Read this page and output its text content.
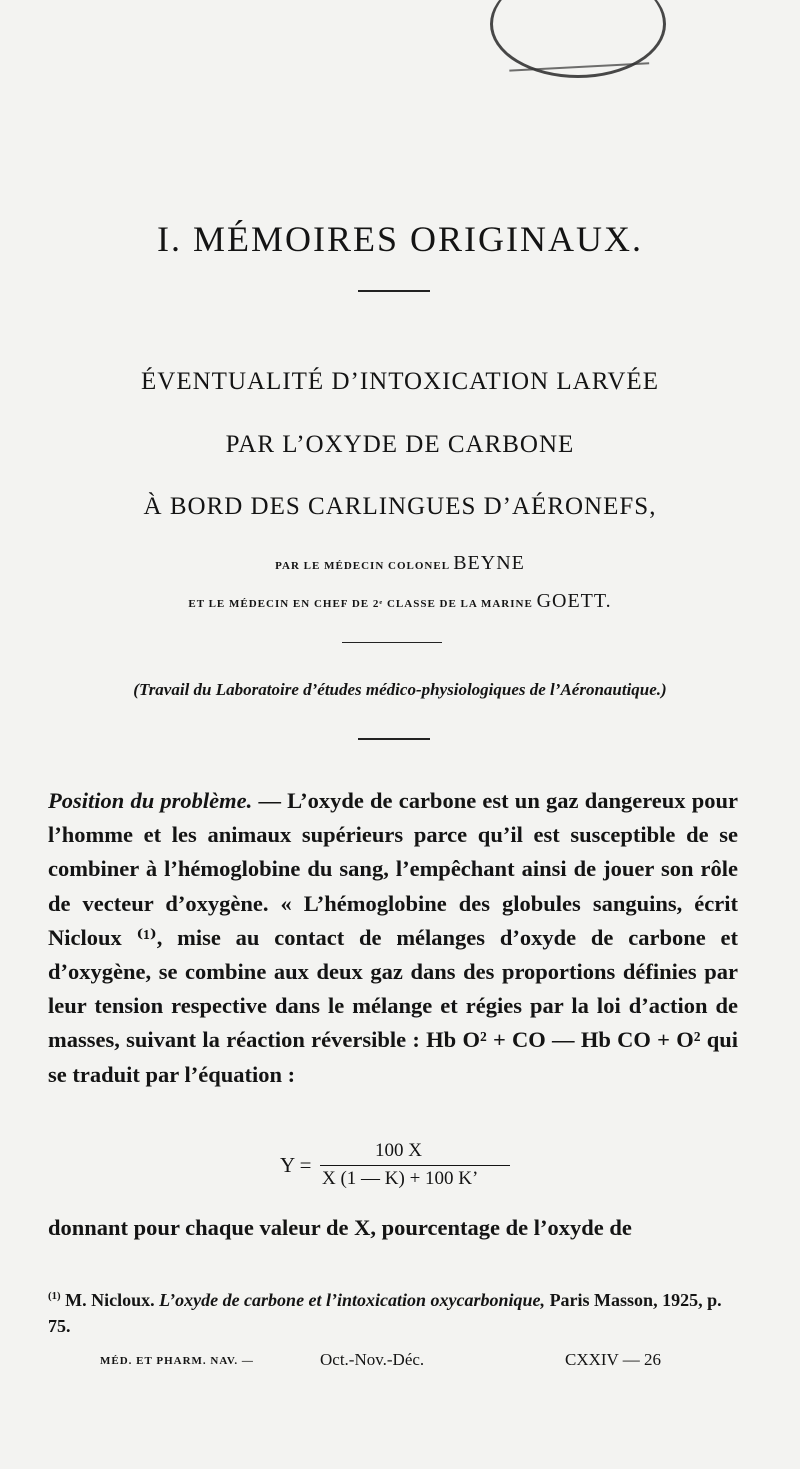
I. MÉMOIRES ORIGINAUX.
ÉVENTUALITÉ D’INTOXICATION LARVÉE
PAR L’OXYDE DE CARBONE
À BORD DES CARLINGUES D’AÉRONEFS,
PAR LE MÉDECIN COLONEL BEYNE
ET LE MÉDECIN EN CHEF DE 2ᵉ CLASSE DE LA MARINE GOETT.
(Travail du Laboratoire d’études médico-physiologiques de l’Aéronautique.)

Position du problème. — L’oxyde de carbone est un gaz dangereux pour l’homme et les animaux supérieurs parce qu’il est susceptible de se combiner à l’hémoglobine du sang, l’empêchant ainsi de jouer son rôle de vecteur d’oxygène. « L’hémoglobine des globules sanguins, écrit Nicloux ⁽¹⁾, mise au contact de mélanges d’oxyde de carbone et d’oxygène, se combine aux deux gaz dans des proportions définies par leur tension respective dans le mélange et régies par la loi d’action de masses, suivant la réaction réversible : Hb O² + CO — Hb CO + O² qui se traduit par l’équation :

Y =
100 X
X (1 — K) + 100 K’

donnant pour chaque valeur de X, pourcentage de l’oxyde de

$^{(1)}$ M. Nicloux. L’oxyde de carbone et l’intoxication oxycarbonique, Paris Masson, 1925, p. 75.

MÉD. ET PHARM. NAV. —	Oct.-Nov.-Déc.	CXXIV — 26
